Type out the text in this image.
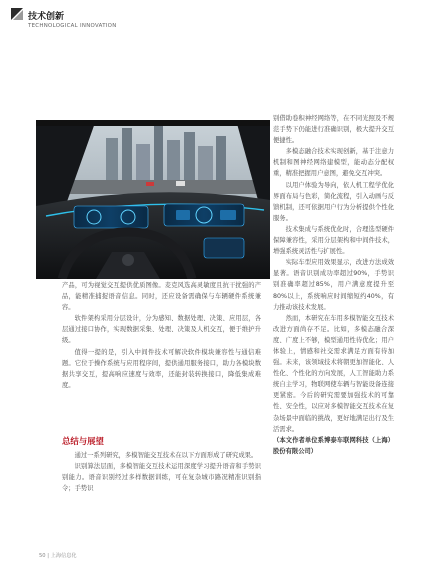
技术创新
TECHNOLOGICAL INNOVATION

别借助卷积神经网络等，在不同光照及不规范手势下仍能进行准确识别，极大提升交互便捷性。

多模态融合技术实现创新，基于注意力机制和图神经网络建模型，能动态分配权重，精准把握用户意图，避免交互冲突。

以用户体验为导向，依人机工程学优化界面布局与色彩，简化流程，引入动画与反馈机制，还可依据用户行为分析提供个性化服务。

技术集成与系统优化时，合理选型硬件保障兼容性，采用分层架构和中间件技术，增强系统灵活性与扩展性。

实际车型应用效果显示，改进方法成效显著。语音识别成功率超过90%，手势识别准确率超过85%，用户满意度提升至80%以上，系统响应时间缩短约40%，有力推动该技术发展。

然而，本研究在车用多模智能交互技术改进方面尚存不足。比如，多模态融合深度、广度上不够，模型通用性待优化；用户体验上，情感和社交需求满足方面有待加强。未来，该领域技术将朝更加智能化、人性化、个性化的方向发展，人工智能助力系统自主学习，物联网使车辆与智能设备连接更紧密。今后的研究需要加强技术的可靠性、安全性，以应对多模智能交互技术在复杂场景中面临的挑战，更好地满足出行及生活需求。

（本文作者单位系博泰车联网科技（上海）股份有限公司）

产品，可为视觉交互提供优质图像。麦克风选高灵敏度且抗干扰强的产品，能精准捕捉语音信息。同时，还应设备需确保与车辆硬件系统兼容。

软件架构采用分层设计，分为感知、数据处理、决策、应用层，各层通过接口协作，实现数据采集、处理、决策及人机交互，便于维护升级。

值得一提的是，引入中间件技术可解决软件模块兼容性与通信难题。它位于操作系统与应用程序间，提供通用服务接口，助力各模块数据共享交互，提高响应速度与效率，还能封装转换接口，降低集成难度。

总结与展望

通过一系列研究，多模智能交互技术在以下方面形成了研究成果。

识别算法层面，多模智能交互技术运用深度学习提升语音和手势识别能力。语音识别经过多样数据训练，可在复杂城市路况精准识别指令；手势识

50 | 上海信息化
